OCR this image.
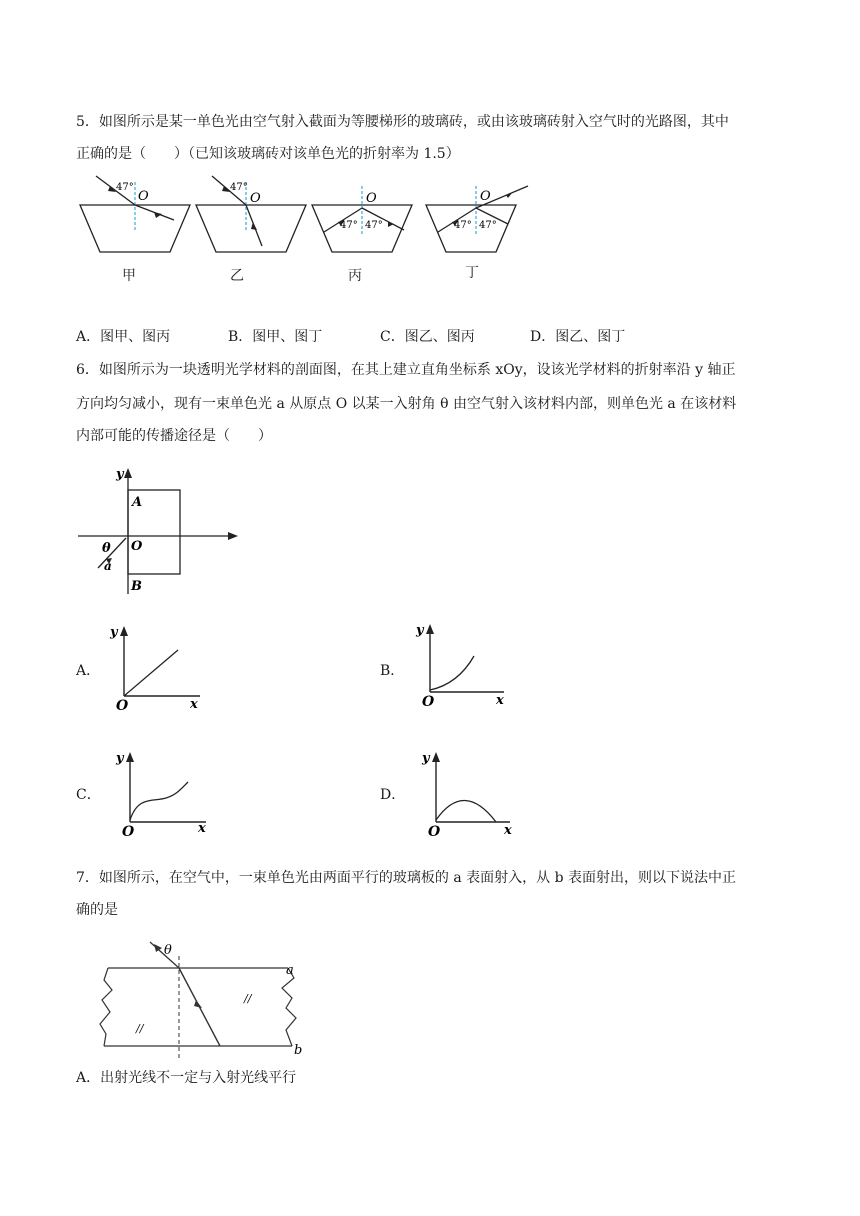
5．如图所示是某一单色光由空气射入截面为等腰梯形的玻璃砖，或由该玻璃砖射入空气时的光路图，其中
正确的是（　　）（已知该玻璃砖对该单色光的折射率为 1.5）
47°
O
47°
O
47° 47°
O
47° 47°
O
甲	乙	丙	丁
A．图甲、图丙	B．图甲、图丁	C．图乙、图丙	D．图乙、图丁
6．如图所示为一块透明光学材料的剖面图，在其上建立直角坐标系 xOy，设该光学材料的折射率沿 y 轴正
方向均匀减小，现有一束单色光 a 从原点 O 以某一入射角 θ 由空气射入该材料内部，则单色光 a 在该材料
内部可能的传播途径是（　　）
y
A
O
B
θ
a
A．
y
O	x
B．
y
O	x
C．
y
O	x
D．
y
O	x
7．如图所示，在空气中，一束单色光由两面平行的玻璃板的 a 表面射入，从 b 表面射出，则以下说法中正
确的是
θ
a
b
//
//
A．出射光线不一定与入射光线平行
